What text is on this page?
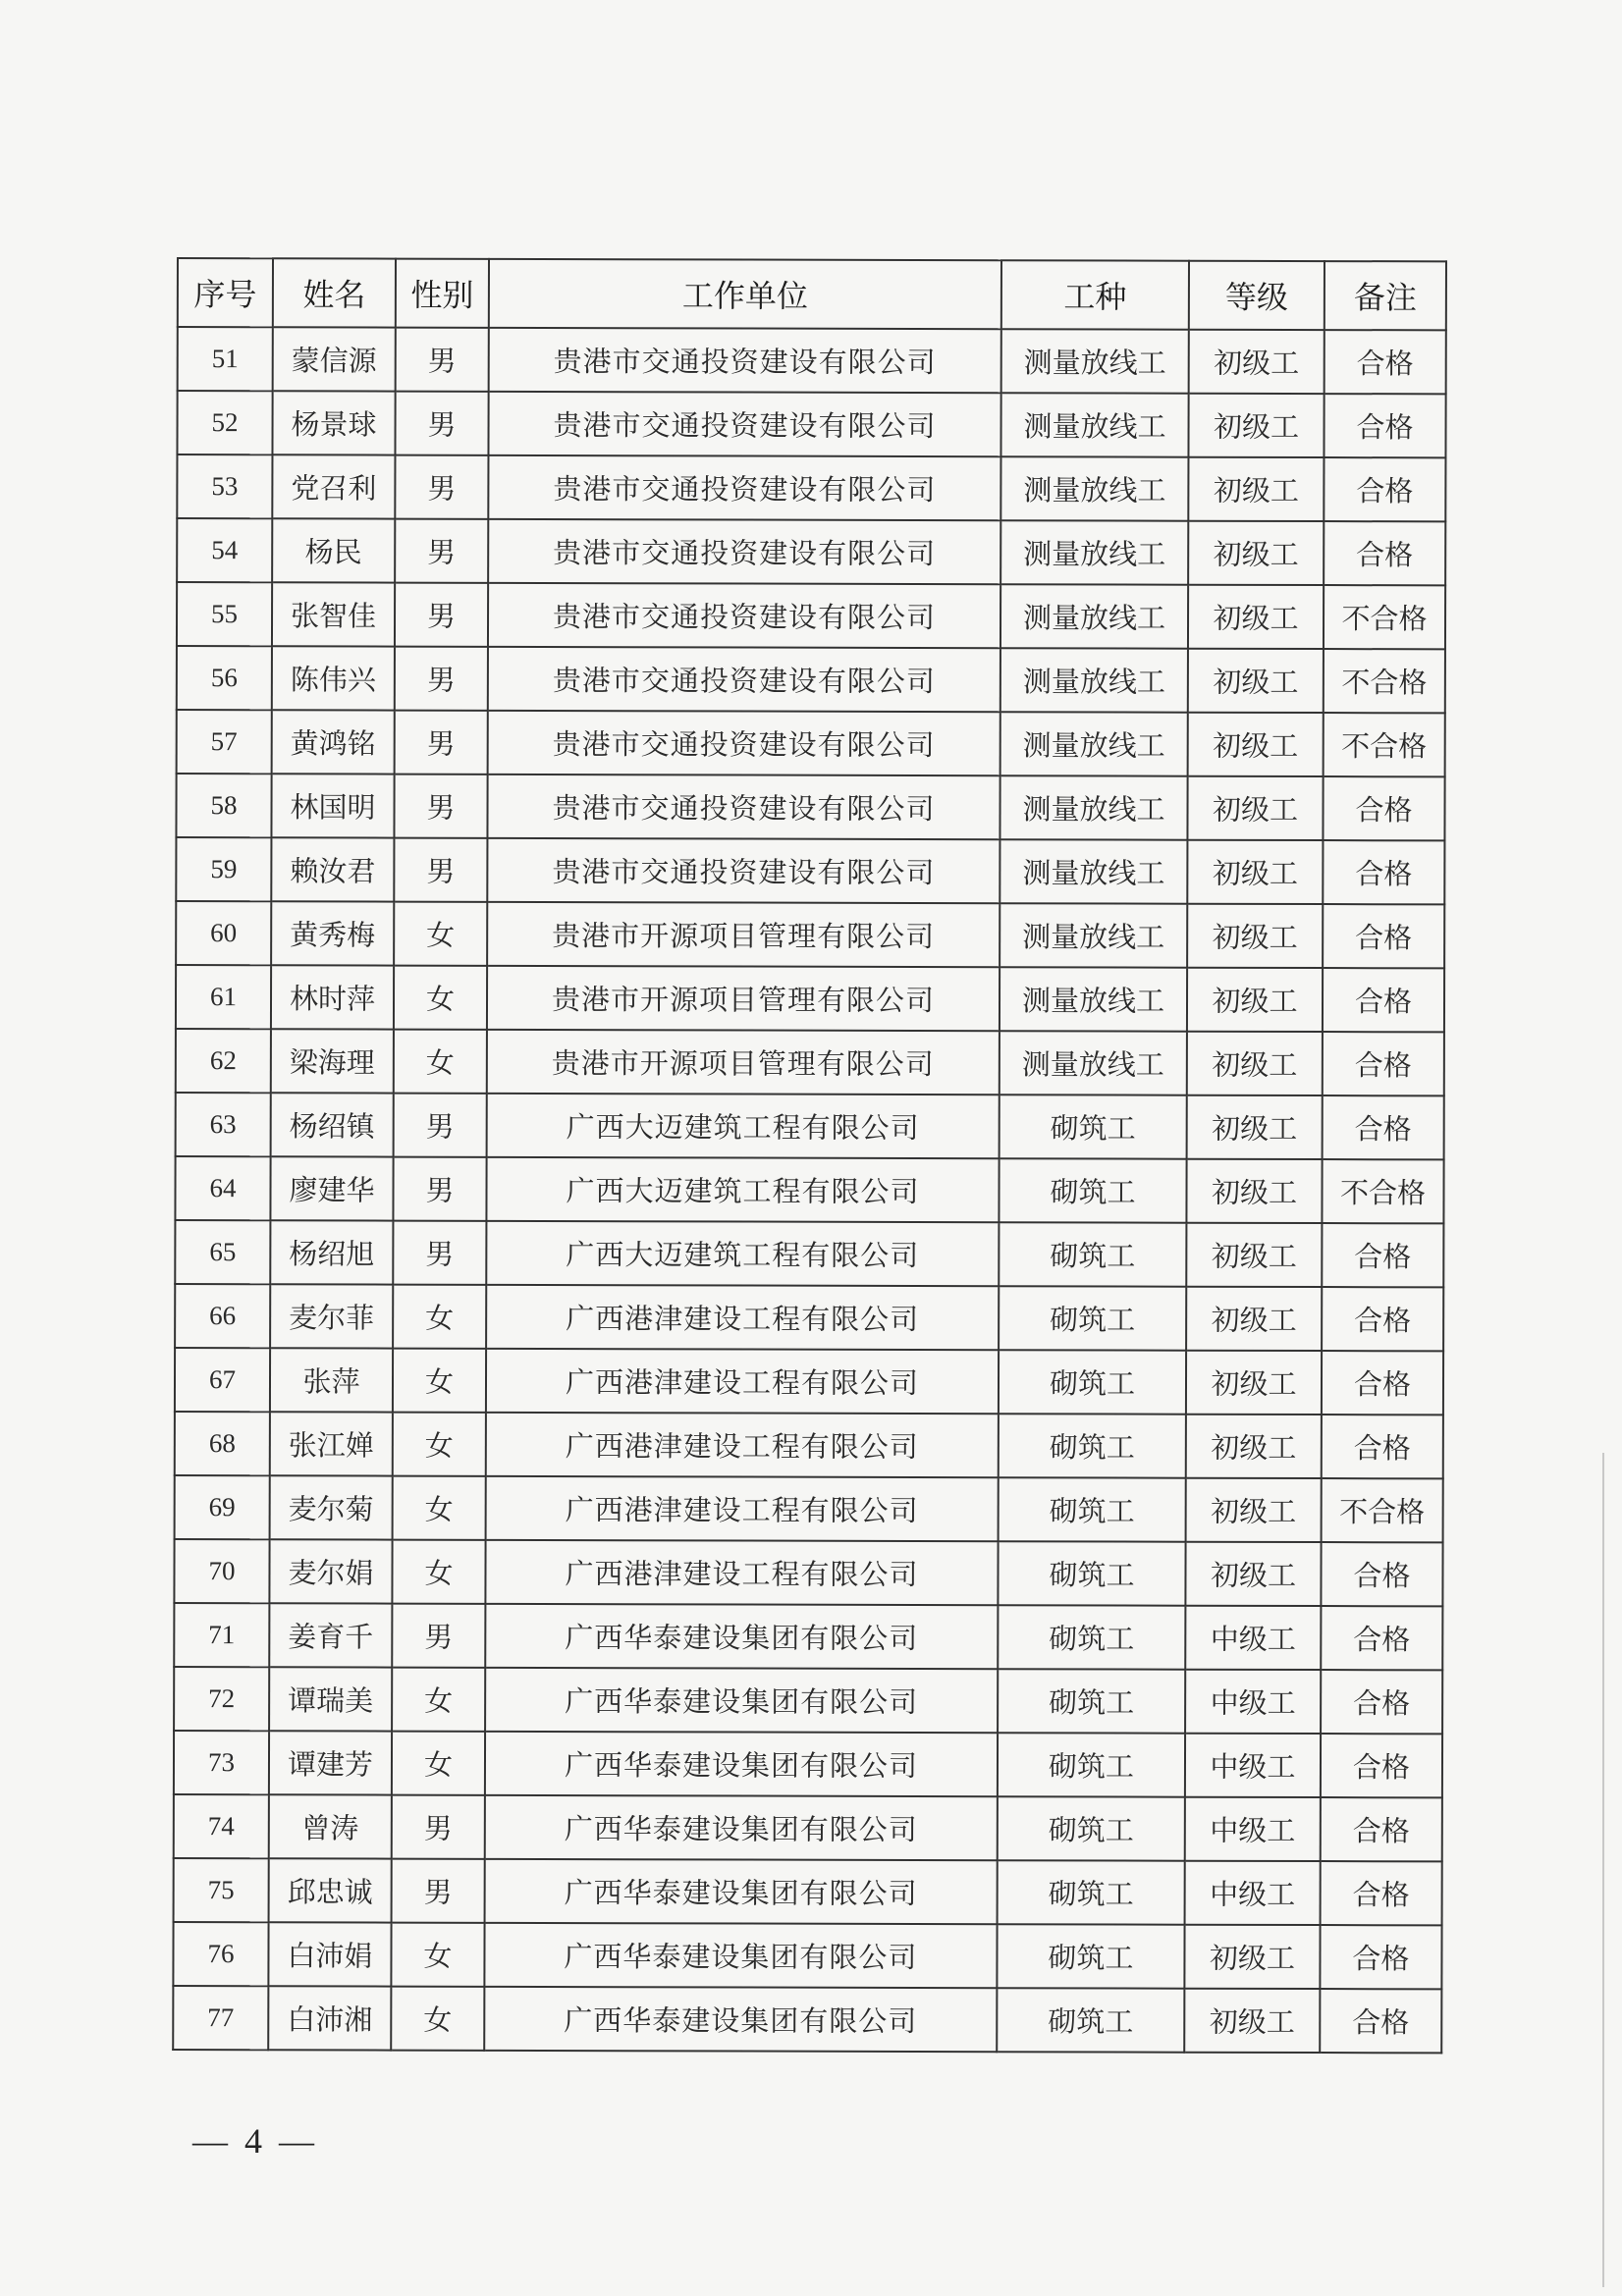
序号	姓名	性别	工作单位	工种	等级	备注
51	蒙信源	男	贵港市交通投资建设有限公司	测量放线工	初级工	合格
52	杨景球	男	贵港市交通投资建设有限公司	测量放线工	初级工	合格
53	党召利	男	贵港市交通投资建设有限公司	测量放线工	初级工	合格
54	杨民	男	贵港市交通投资建设有限公司	测量放线工	初级工	合格
55	张智佳	男	贵港市交通投资建设有限公司	测量放线工	初级工	不合格
56	陈伟兴	男	贵港市交通投资建设有限公司	测量放线工	初级工	不合格
57	黄鸿铭	男	贵港市交通投资建设有限公司	测量放线工	初级工	不合格
58	林国明	男	贵港市交通投资建设有限公司	测量放线工	初级工	合格
59	赖汝君	男	贵港市交通投资建设有限公司	测量放线工	初级工	合格
60	黄秀梅	女	贵港市开源项目管理有限公司	测量放线工	初级工	合格
61	林时萍	女	贵港市开源项目管理有限公司	测量放线工	初级工	合格
62	梁海理	女	贵港市开源项目管理有限公司	测量放线工	初级工	合格
63	杨绍镇	男	广西大迈建筑工程有限公司	砌筑工	初级工	合格
64	廖建华	男	广西大迈建筑工程有限公司	砌筑工	初级工	不合格
65	杨绍旭	男	广西大迈建筑工程有限公司	砌筑工	初级工	合格
66	麦尔菲	女	广西港津建设工程有限公司	砌筑工	初级工	合格
67	张萍	女	广西港津建设工程有限公司	砌筑工	初级工	合格
68	张江婵	女	广西港津建设工程有限公司	砌筑工	初级工	合格
69	麦尔菊	女	广西港津建设工程有限公司	砌筑工	初级工	不合格
70	麦尔娟	女	广西港津建设工程有限公司	砌筑工	初级工	合格
71	姜育千	男	广西华泰建设集团有限公司	砌筑工	中级工	合格
72	谭瑞美	女	广西华泰建设集团有限公司	砌筑工	中级工	合格
73	谭建芳	女	广西华泰建设集团有限公司	砌筑工	中级工	合格
74	曾涛	男	广西华泰建设集团有限公司	砌筑工	中级工	合格
75	邱忠诚	男	广西华泰建设集团有限公司	砌筑工	中级工	合格
76	白沛娟	女	广西华泰建设集团有限公司	砌筑工	初级工	合格
77	白沛湘	女	广西华泰建设集团有限公司	砌筑工	初级工	合格
— 4 —
